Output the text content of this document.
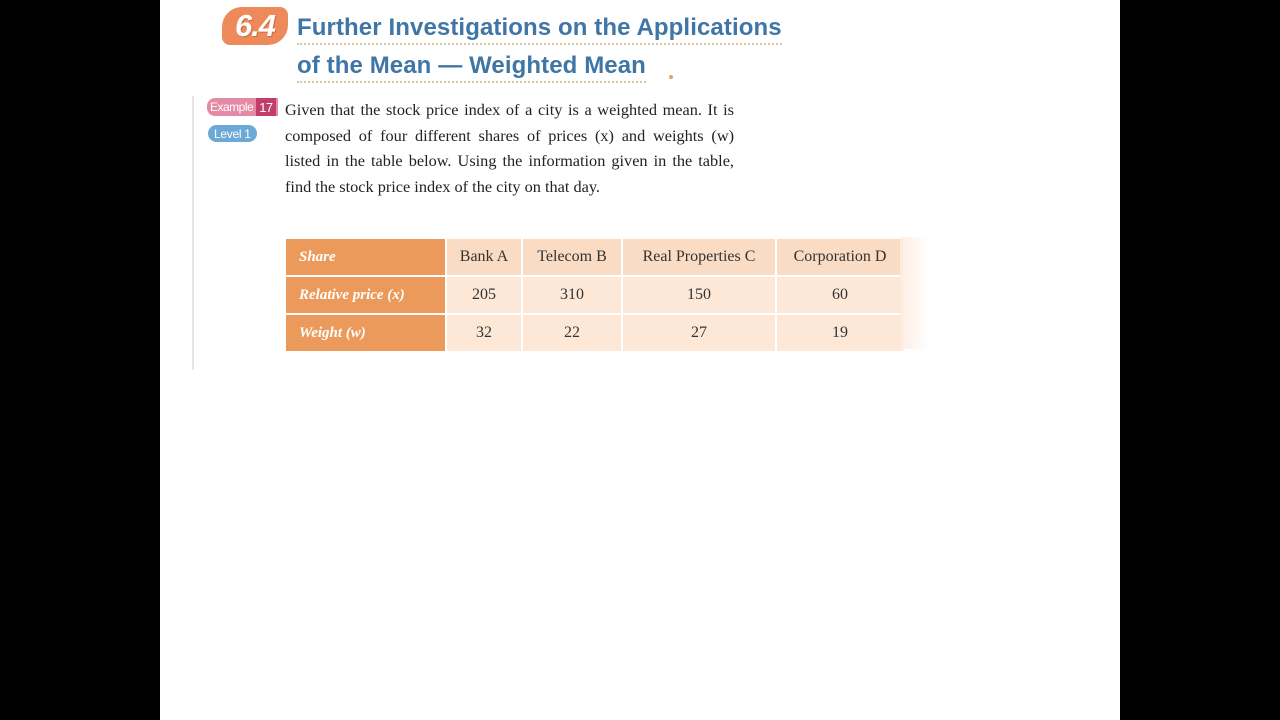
6.4 Further Investigations on the Applications
of the Mean — Weighted Mean
Example 17
Level 1
Given that the stock price index of a city is a weighted mean. It is composed of four different shares of prices (x) and weights (w) listed in the table below. Using the information given in the table, find the stock price index of the city on that day.
Share	Bank A	Telecom B	Real Properties C	Corporation D
Relative price (x)	205	310	150	60
Weight (w)	32	22	27	19
